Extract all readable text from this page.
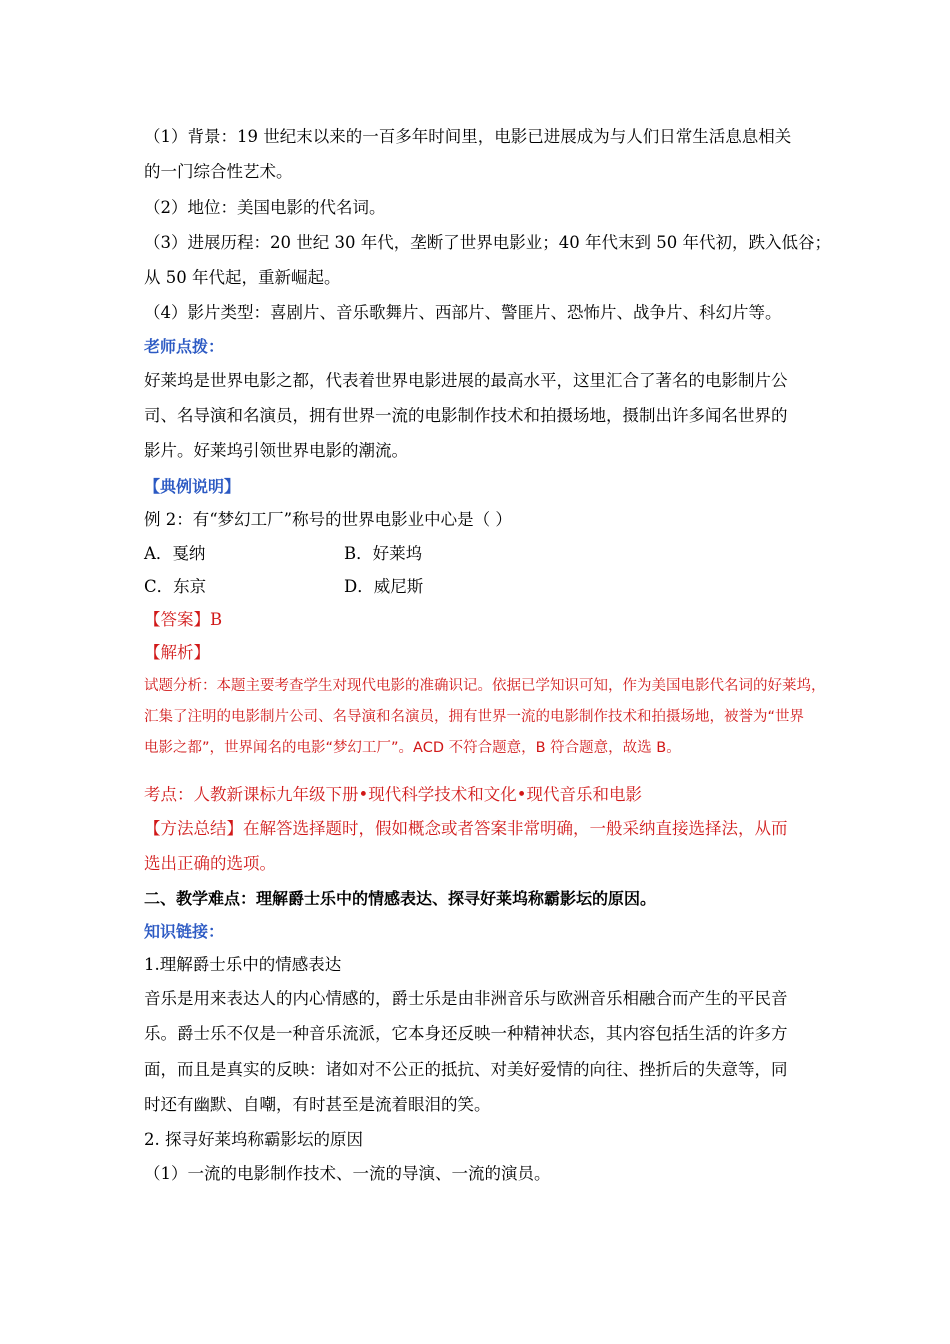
（1）背景：19 世纪末以来的一百多年时间里，电影已进展成为与人们日常生活息息相关
的一门综合性艺术。
（2）地位：美国电影的代名词。
（3）进展历程：20 世纪 30 年代，垄断了世界电影业；40 年代末到 50 年代初，跌入低谷；
从 50 年代起，重新崛起。
（4）影片类型：喜剧片、音乐歌舞片、西部片、警匪片、恐怖片、战争片、科幻片等。
老师点拨：
好莱坞是世界电影之都，代表着世界电影进展的最高水平，这里汇合了著名的电影制片公
司、名导演和名演员，拥有世界一流的电影制作技术和拍摄场地，摄制出许多闻名世界的
影片。好莱坞引领世界电影的潮流。
【典例说明】
例 2：有“梦幻工厂”称号的世界电影业中心是（ ）
A．戛纳	B．好莱坞
C．东京	D．威尼斯
【答案】B
【解析】
试题分析：本题主要考查学生对现代电影的准确识记。依据已学知识可知，作为美国电影代名词的好莱坞，
汇集了注明的电影制片公司、名导演和名演员，拥有世界一流的电影制作技术和拍摄场地，被誉为“世界
电影之都”，世界闻名的电影“梦幻工厂”。ACD 不符合题意，B 符合题意，故选 B。
考点：人教新课标九年级下册•现代科学技术和文化•现代音乐和电影
【方法总结】在解答选择题时，假如概念或者答案非常明确，一般采纳直接选择法，从而
选出正确的选项。
二、教学难点：理解爵士乐中的情感表达、探寻好莱坞称霸影坛的原因。
知识链接：
1.理解爵士乐中的情感表达
音乐是用来表达人的内心情感的，爵士乐是由非洲音乐与欧洲音乐相融合而产生的平民音
乐。爵士乐不仅是一种音乐流派，它本身还反映一种精神状态，其内容包括生活的许多方
面，而且是真实的反映：诸如对不公正的抵抗、对美好爱情的向往、挫折后的失意等，同
时还有幽默、自嘲，有时甚至是流着眼泪的笑。
2. 探寻好莱坞称霸影坛的原因
（1）一流的电影制作技术、一流的导演、一流的演员。
